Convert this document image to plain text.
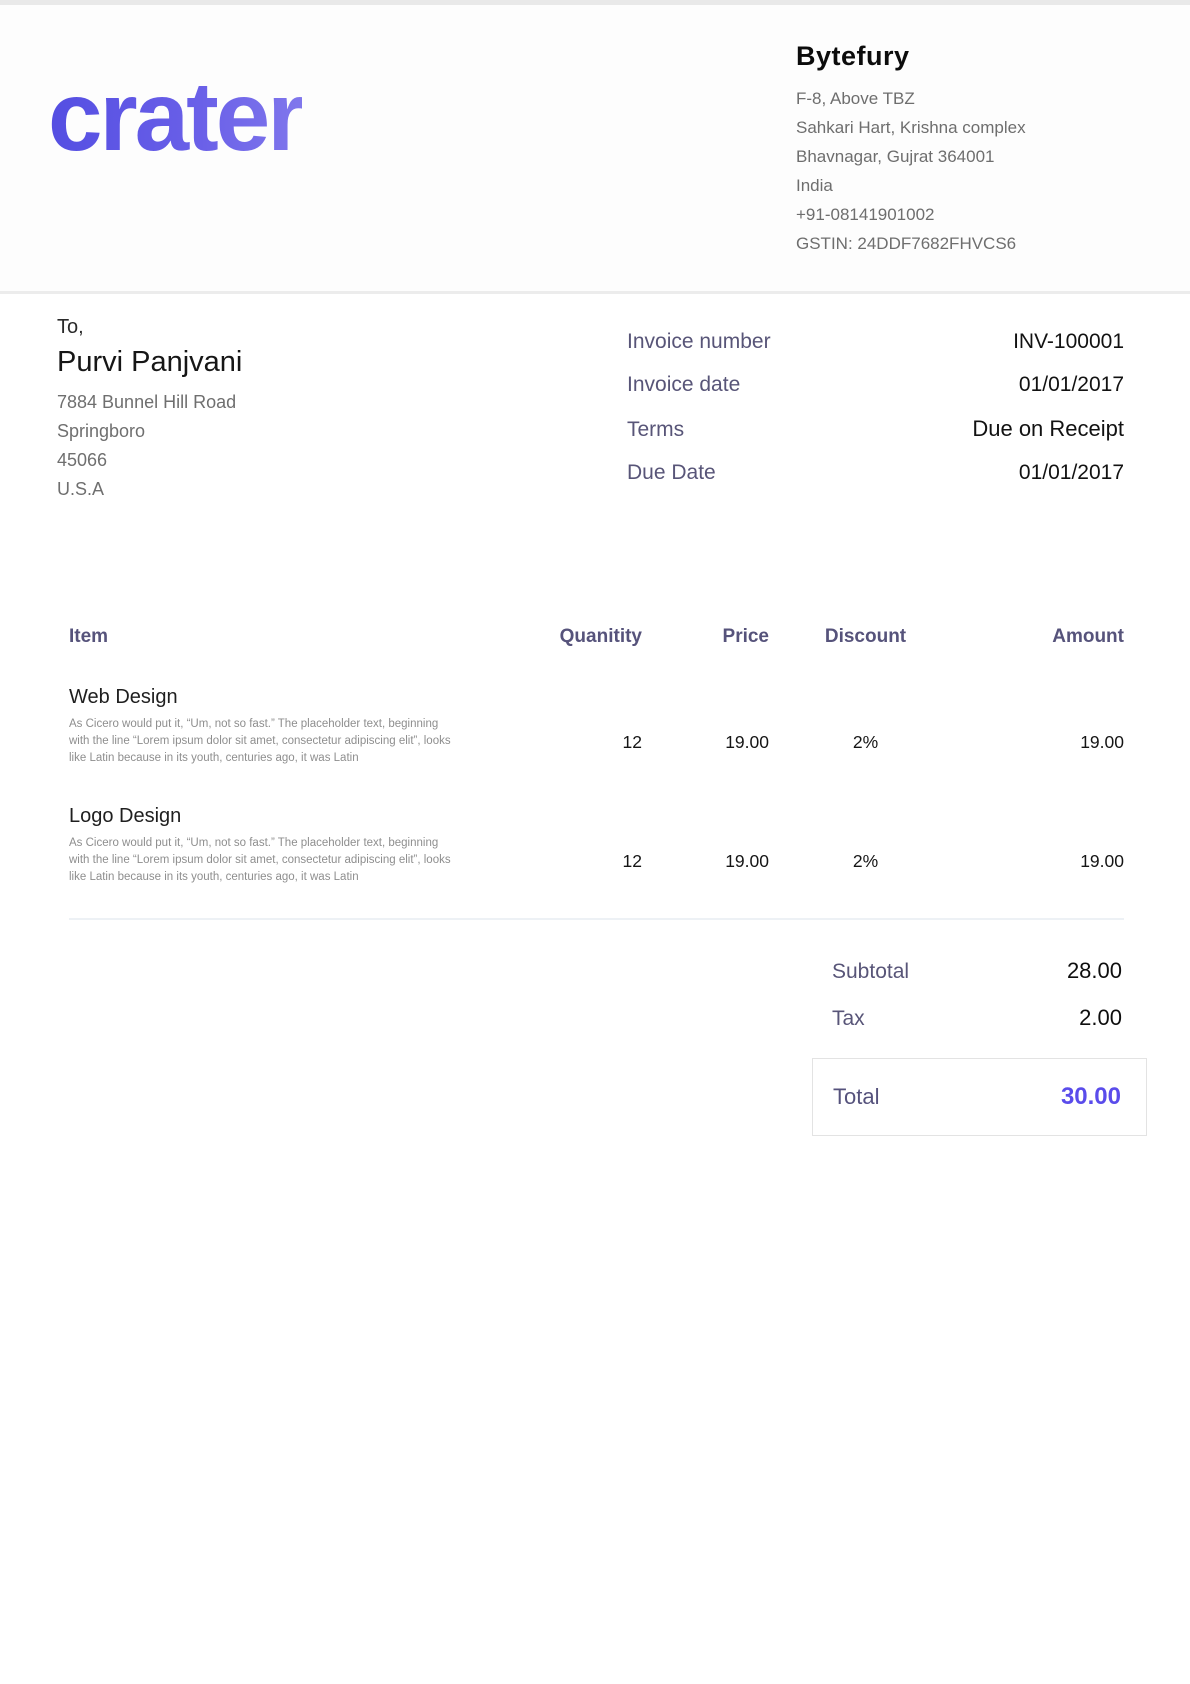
crater
Bytefury
F-8, Above TBZ
Sahkari Hart, Krishna complex
Bhavnagar, Gujrat 364001
India
+91-08141901002
GSTIN: 24DDF7682FHVCS6
To,
Purvi Panjvani
7884 Bunnel Hill Road
Springboro
45066
U.S.A
Invoice number	INV-100001
Invoice date	01/01/2017
Terms	Due on Receipt
Due Date	01/01/2017
Item	Quanitity	Price	Discount	Amount
Web Design
As Cicero would put it, “Um, not so fast.” The placeholder text, beginning with the line “Lorem ipsum dolor sit amet, consectetur adipiscing elit”, looks like Latin because in its youth, centuries ago, it was Latin
12	19.00	2%	19.00
Logo Design
As Cicero would put it, “Um, not so fast.” The placeholder text, beginning with the line “Lorem ipsum dolor sit amet, consectetur adipiscing elit”, looks like Latin because in its youth, centuries ago, it was Latin
12	19.00	2%	19.00
Subtotal	28.00
Tax	2.00
Total	30.00
